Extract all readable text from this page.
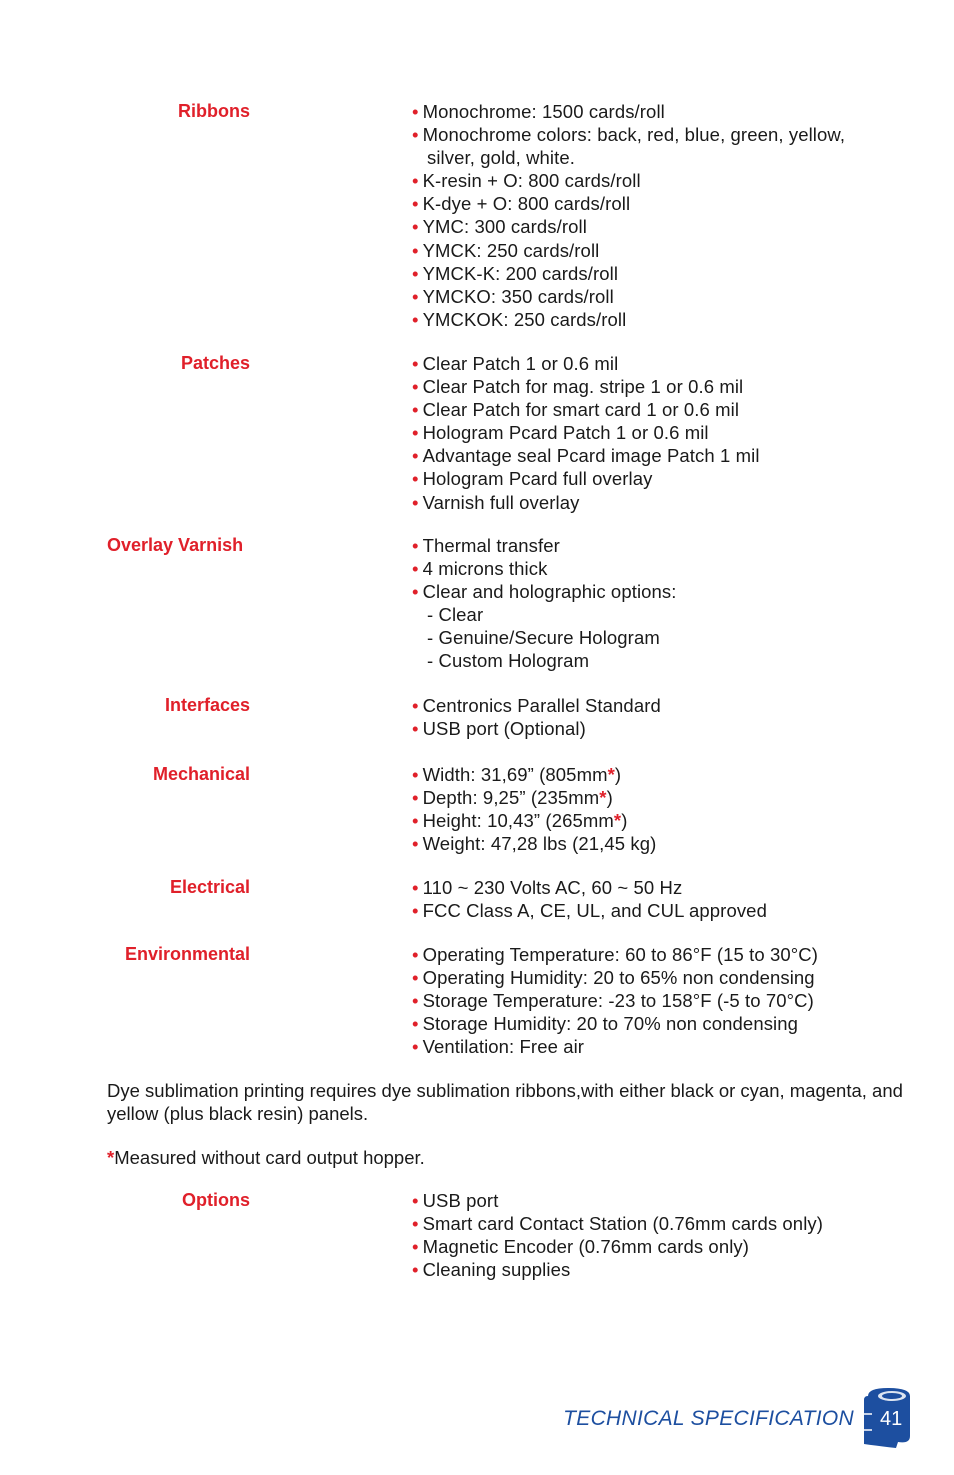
Ribbons	• Monochrome: 1500 cards/roll
• Monochrome colors: back, red, blue, green, yellow,
silver, gold, white.
• K-resin + O: 800 cards/roll
• K-dye + O: 800 cards/roll
• YMC: 300 cards/roll
• YMCK: 250 cards/roll
• YMCK-K: 200 cards/roll
• YMCKO: 350 cards/roll
• YMCKOK: 250 cards/roll
Patches	• Clear Patch 1 or 0.6 mil
• Clear Patch for mag. stripe 1 or 0.6 mil
• Clear Patch for smart card 1 or 0.6 mil
• Hologram Pcard Patch 1 or 0.6 mil
• Advantage seal Pcard image Patch 1 mil
• Hologram Pcard full overlay
• Varnish full overlay
Overlay Varnish	• Thermal transfer
• 4 microns thick
• Clear and holographic options:
- Clear
- Genuine/Secure Hologram
- Custom Hologram
Interfaces	• Centronics Parallel Standard
• USB port (Optional)
Mechanical	• Width: 31,69” (805mm*)
• Depth: 9,25” (235mm*)
• Height: 10,43” (265mm*)
• Weight: 47,28 lbs (21,45 kg)
Electrical	• 110 ~ 230 Volts AC, 60 ~ 50 Hz
• FCC Class A, CE, UL, and CUL approved
Environmental	• Operating Temperature: 60 to 86°F (15 to 30°C)
• Operating Humidity: 20 to 65% non condensing
• Storage Temperature: -23 to 158°F (-5 to 70°C)
• Storage Humidity: 20 to 70% non condensing
• Ventilation: Free air

Dye sublimation printing requires dye sublimation ribbons,with either black or cyan, magenta, and yellow (plus black resin) panels.

*Measured without card output hopper.

Options	• USB port
• Smart card Contact Station (0.76mm cards only)
• Magnetic Encoder (0.76mm cards only)
• Cleaning supplies
TECHNICAL SPECIFICATION 41
